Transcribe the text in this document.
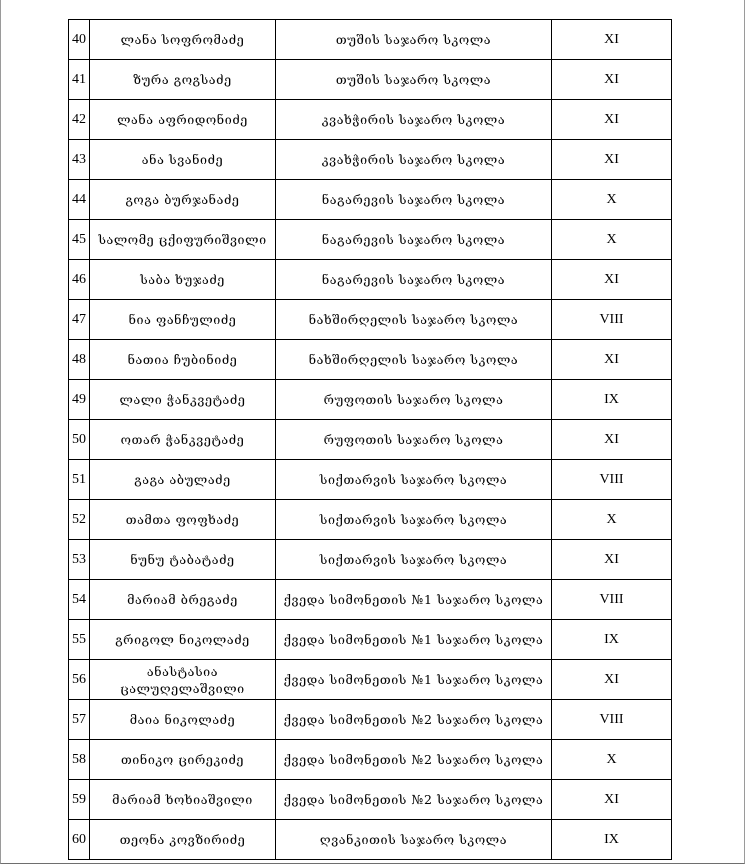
40	ლანა სოფრომაძე	თუშის საჯარო სკოლა	XI
41	ზურა გოგსაძე	თუშის საჯარო სკოლა	XI
42	ლანა აფრიდონიძე	კვახჭირის საჯარო სკოლა	XI
43	ანა სვანიძე	კვახჭირის საჯარო სკოლა	XI
44	გოგა ბურჯანაძე	ნაგარევის საჯარო სკოლა	X
45	სალომე ცქიფურიშვილი	ნაგარევის საჯარო სკოლა	X
46	საბა ხუჯაძე	ნაგარევის საჯარო სკოლა	XI
47	ნია ფანჩულიძე	ნახშირღელის საჯარო სკოლა	VIII
48	ნათია ჩუბინიძე	ნახშირღელის საჯარო სკოლა	XI
49	ლალი ჭანკვეტაძე	რუფოთის საჯარო სკოლა	IX
50	ოთარ ჭანკვეტაძე	რუფოთის საჯარო სკოლა	XI
51	გაგა აბულაძე	სიქთარვის საჯარო სკოლა	VIII
52	თამთა ფოფხაძე	სიქთარვის საჯარო სკოლა	X
53	ნუნუ ტაბატაძე	სიქთარვის საჯარო სკოლა	XI
54	მარიამ ბრეგაძე	ქვედა სიმონეთის №1 საჯარო სკოლა	VIII
55	გრიგოლ ნიკოლაძე	ქვედა სიმონეთის №1 საჯარო სკოლა	IX
56	ანასტასია ცალუღელაშვილი	ქვედა სიმონეთის №1 საჯარო სკოლა	XI
57	მაია ნიკოლაძე	ქვედა სიმონეთის №2 საჯარო სკოლა	VIII
58	თინიკო ცირეკიძე	ქვედა სიმონეთის №2 საჯარო სკოლა	X
59	მარიამ ხოხიაშვილი	ქვედა სიმონეთის №2 საჯარო სკოლა	XI
60	თეონა კოვზირიძე	ღვანკითის საჯარო სკოლა	IX
